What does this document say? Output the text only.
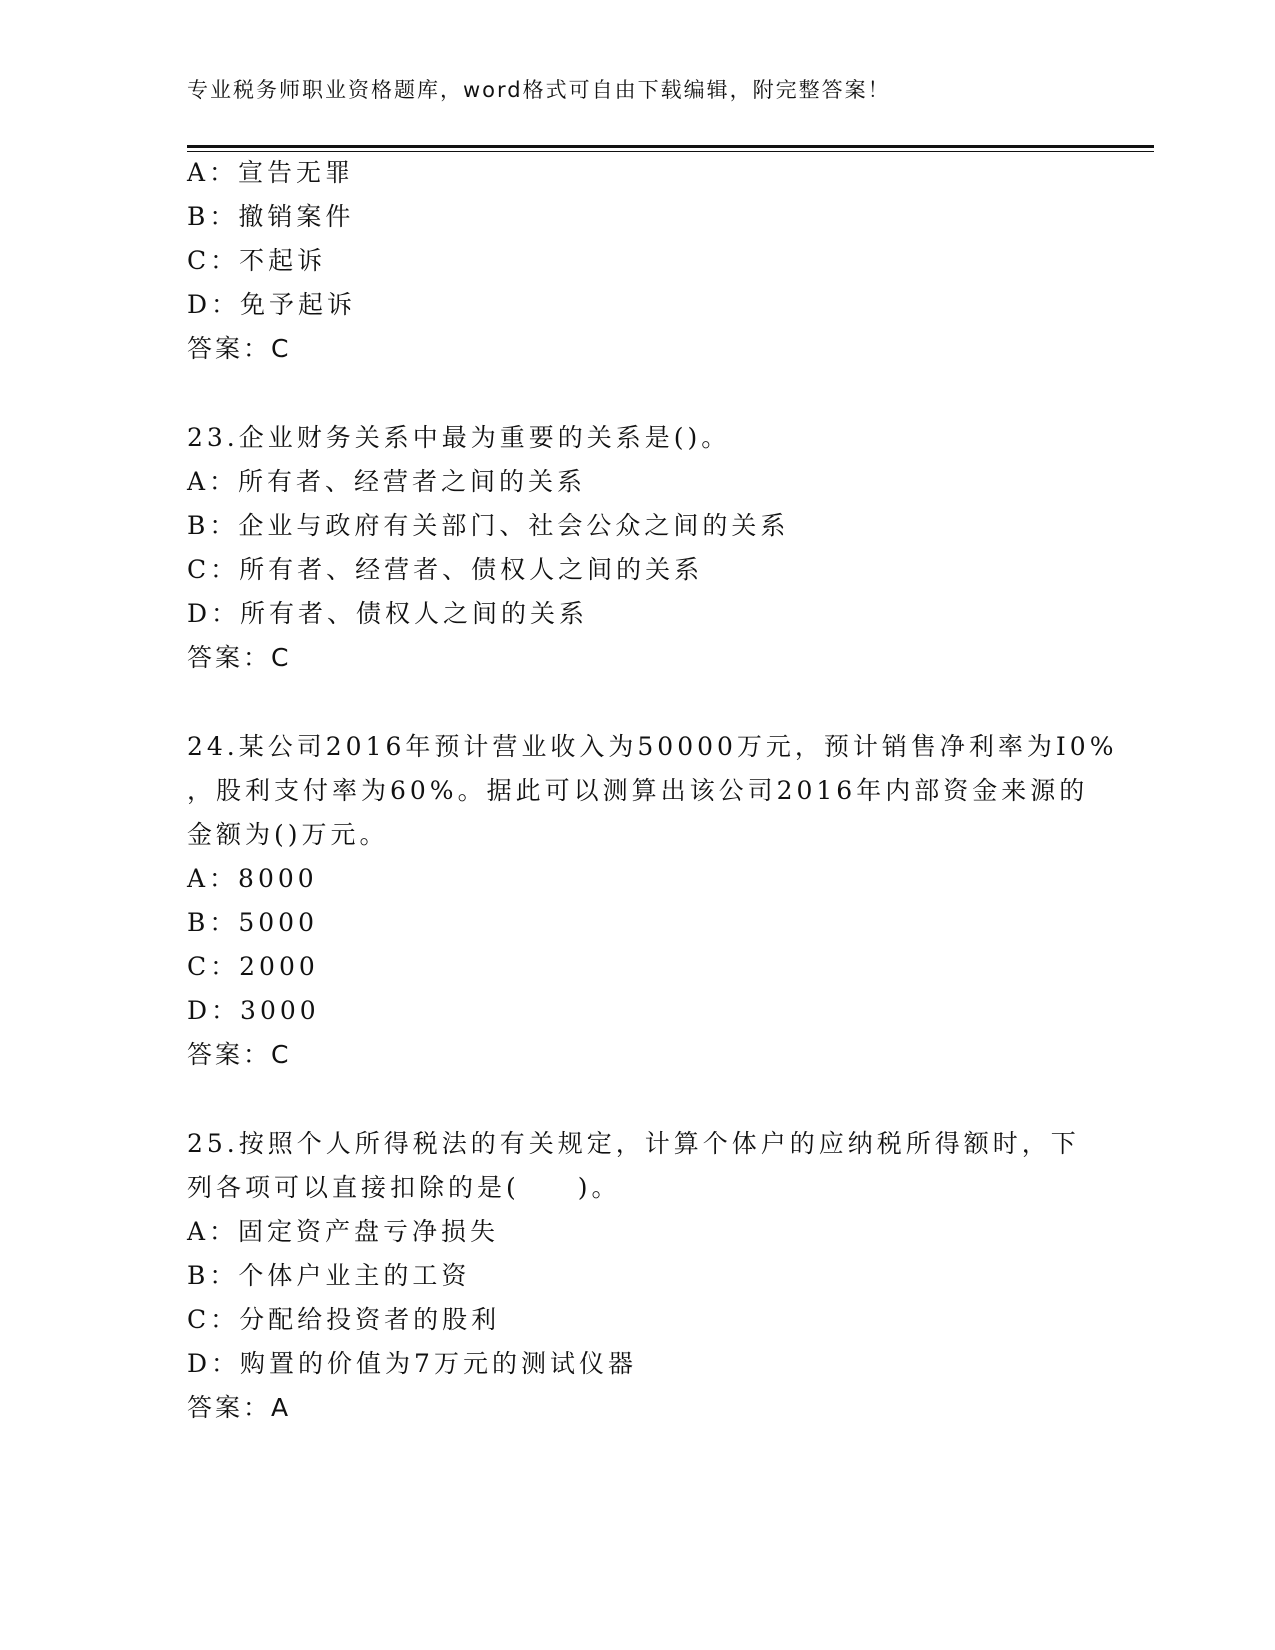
专业税务师职业资格题库，word格式可自由下载编辑，附完整答案！
A：宣告无罪
B：撤销案件
C：不起诉
D：免予起诉
答案：C
23.企业财务关系中最为重要的关系是()。
A：所有者、经营者之间的关系
B：企业与政府有关部门、社会公众之间的关系
C：所有者、经营者、债权人之间的关系
D：所有者、债权人之间的关系
答案：C
24.某公司2016年预计营业收入为50000万元，预计销售净利率为I0%
，股利支付率为60%。据此可以测算出该公司2016年内部资金来源的
金额为()万元。
A：8000
B：5000
C：2000
D：3000
答案：C
25.按照个人所得税法的有关规定，计算个体户的应纳税所得额时，下
列各项可以直接扣除的是(　　)。
A：固定资产盘亏净损失
B：个体户业主的工资
C：分配给投资者的股利
D：购置的价值为7万元的测试仪器
答案：A
